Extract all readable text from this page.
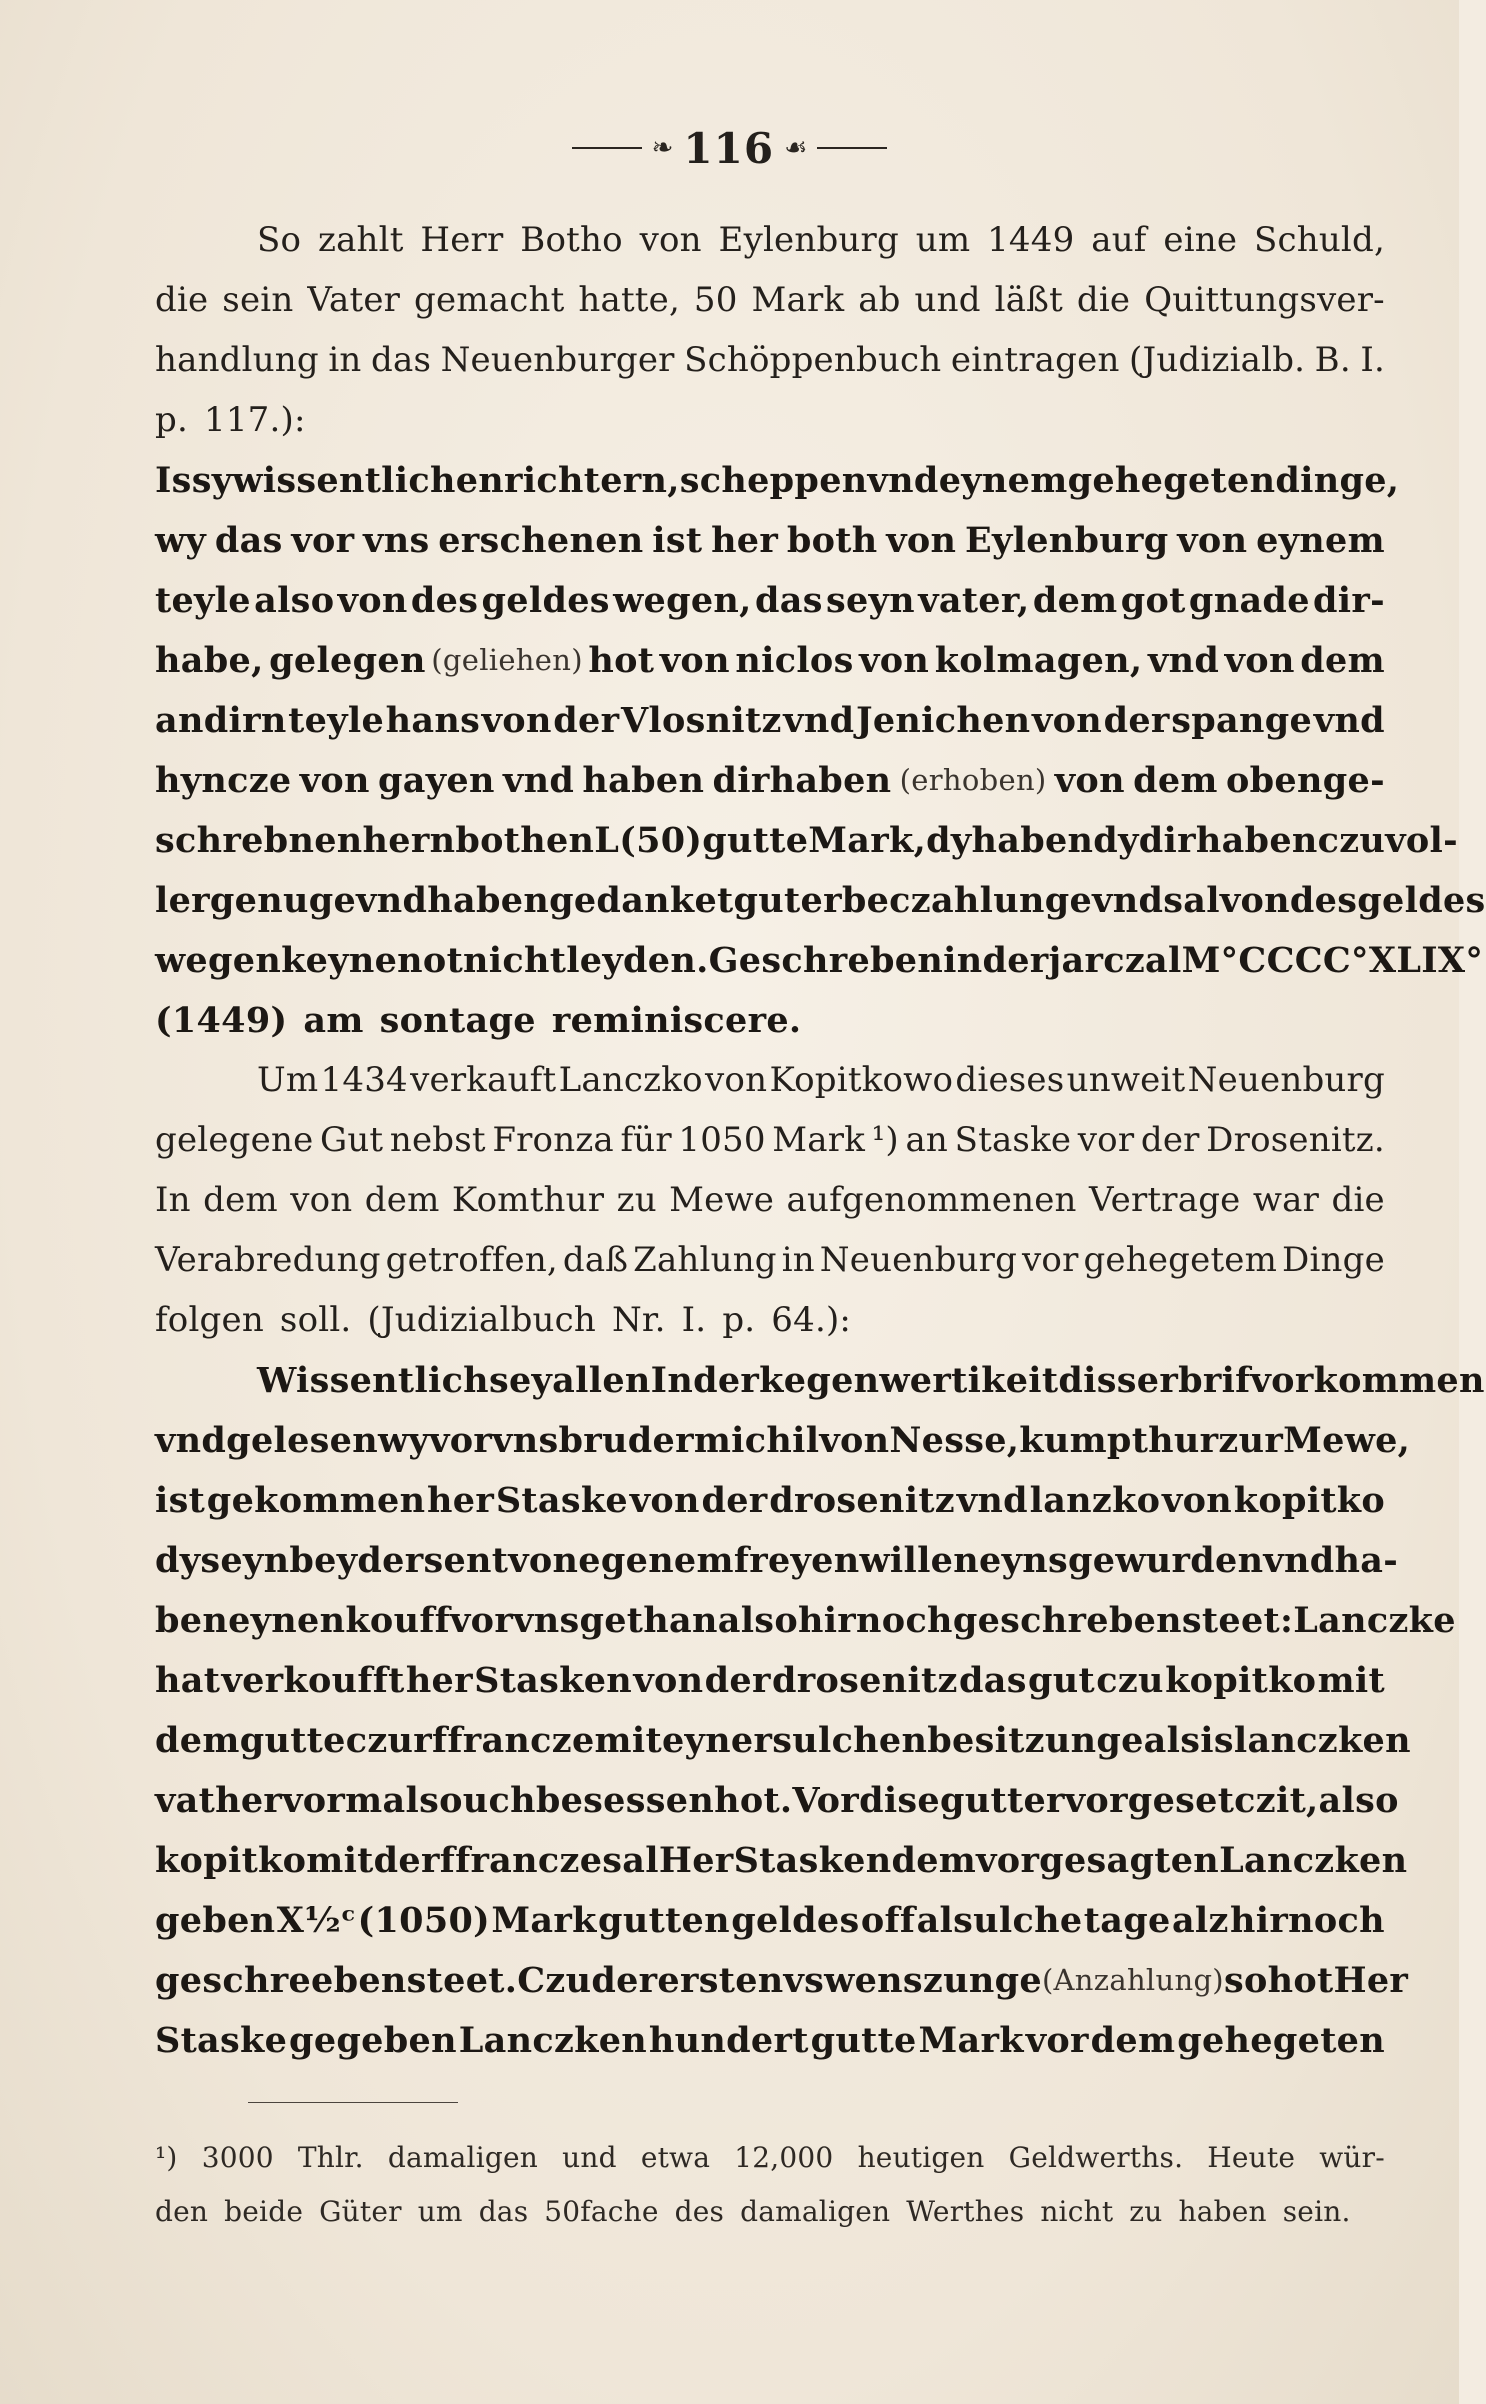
❧ 116 ☙
So zahlt Herr Botho von Eylenburg um 1449 auf eine Schuld,
die sein Vater gemacht hatte, 50 Mark ab und läßt die Quittungsver-
handlung in das Neuenburger Schöppenbuch eintragen (Judizialb. B. I.
p. 117.):
Is sy wissentlichen richtern, scheppen vnd eynem gehegeten dinge,
wy das vor vns erschenen ist her both von Eylenburg von eynem
teyle also von des geldes wegen, das seyn vater, dem got gnade dir-
habe, gelegen (geliehen) hot von niclos von kolmagen, vnd von dem
andirn teyle hans von der Vlosnitz vnd Jenichen von der spange vnd
hyncze von gayen vnd haben dirhaben (erhoben) von dem obenge-
schrebnen hern bothen L (50) gutte Mark, dy haben dy dirhaben czu vol-
ler genuge vnd haben gedanket guter beczahlunge vnd sal von des geldes
wegen keyne not nicht leyden. Geschreben in der jarczal M°CCCC°XLIX°
(1449) am sontage reminiscere.
Um 1434 verkauft Lanczko von Kopitkowo dieses unweit Neuenburg
gelegene Gut nebst Fronza für 1050 Mark ¹) an Staske vor der Drosenitz.
In dem von dem Komthur zu Mewe aufgenommenen Vertrage war die
Verabredung getroffen, daß Zahlung in Neuenburg vor gehegetem Dinge
folgen soll. (Judizialbuch Nr. I. p. 64.):
Wissentlich sey allen In der kegenwertikeit disser brif vor kommen
vnd gelesen wy vor vns bruder michil von Nesse, kumpthur zur Mewe,
ist gekommen her Staske von der drosenitz vnd lanzko von kopitko
dy seyn beydersent von egenem freyen willen eyns gewurden vnd ha-
ben eynen kouff vor vns gethan also hirnoch geschreben steet: Lanczke
hat verkoufft her Stasken von der drosenitz das gut czu kopitko mit
dem gutte czur ffrancze mit eyner sulchen besitzunge als is lanczken
vather vormals ouch besessen hot. Vor dise gutter vorgesetczit, also
kopitko mit der ffrancze sal Her Stasken dem vorgesagten Lanczken
geben X½ᶜ (1050) Mark gutten geldes off alsulche tage alz hirnoch
geschreeben steet. Czu der ersten vswenszunge (Anzahlung) so hot Her
Staske gegeben Lanczken hundert gutte Mark vor dem gehegeten
¹) 3000 Thlr. damaligen und etwa 12,000 heutigen Geldwerths. Heute wür-
den beide Güter um das 50fache des damaligen Werthes nicht zu haben sein.
